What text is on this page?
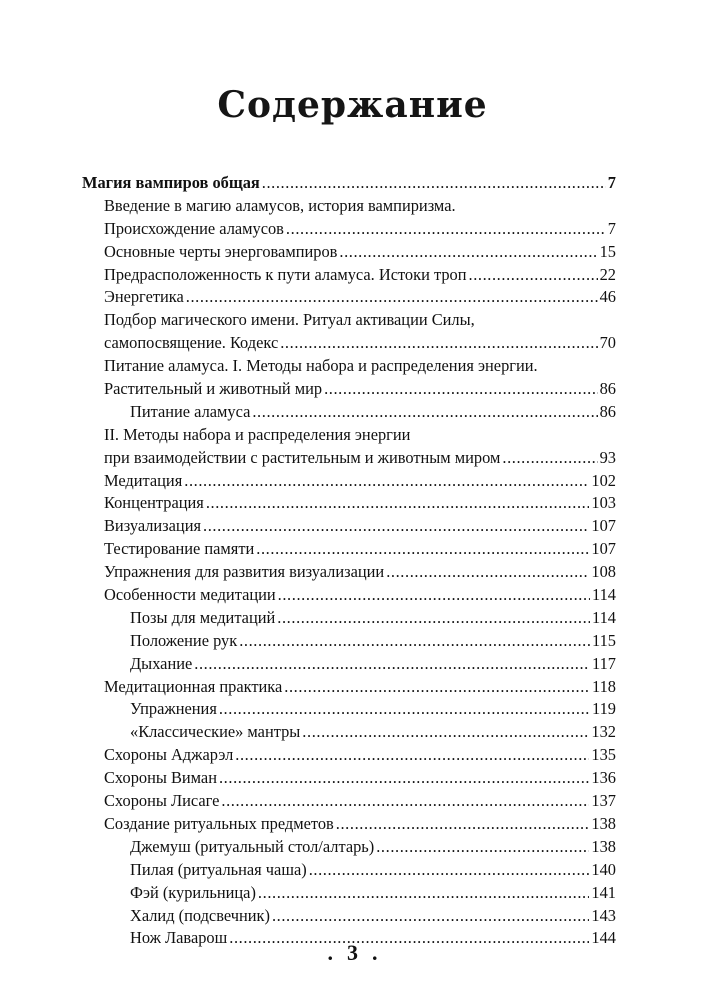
Содержание
Магия вампиров общая .....	7
Введение в магию аламусов, история вампиризма.
Происхождение аламусов .....	7
Основные черты энерговампиров .....	15
Предрасположенность к пути аламуса. Истоки троп .....	22
Энергетика .....	46
Подбор магического имени. Ритуал активации Силы,
самопосвящение. Кодекс .....	70
Питание аламуса. I. Методы набора и распределения энергии.
Растительный и животный мир .....	86
Питание аламуса .....	86
II. Методы набора и распределения энергии
при взаимодействии с растительным и животным миром .....	93
Медитация .....	102
Концентрация .....	103
Визуализация .....	107
Тестирование памяти .....	107
Упражнения для развития визуализации .....	108
Особенности медитации .....	114
Позы для медитаций .....	114
Положение рук .....	115
Дыхание .....	117
Медитационная практика .....	118
Упражнения .....	119
«Классические» мантры .....	132
Схороны Аджарэл .....	135
Схороны Виман .....	136
Схороны Лисаге .....	137
Создание ритуальных предметов .....	138
Джемуш (ритуальный стол/алтарь) .....	138
Пилая (ритуальная чаша) .....	140
Фэй (курильница) .....	141
Халид (подсвечник) .....	143
Нож Лаварош .....	144
. 3 .
